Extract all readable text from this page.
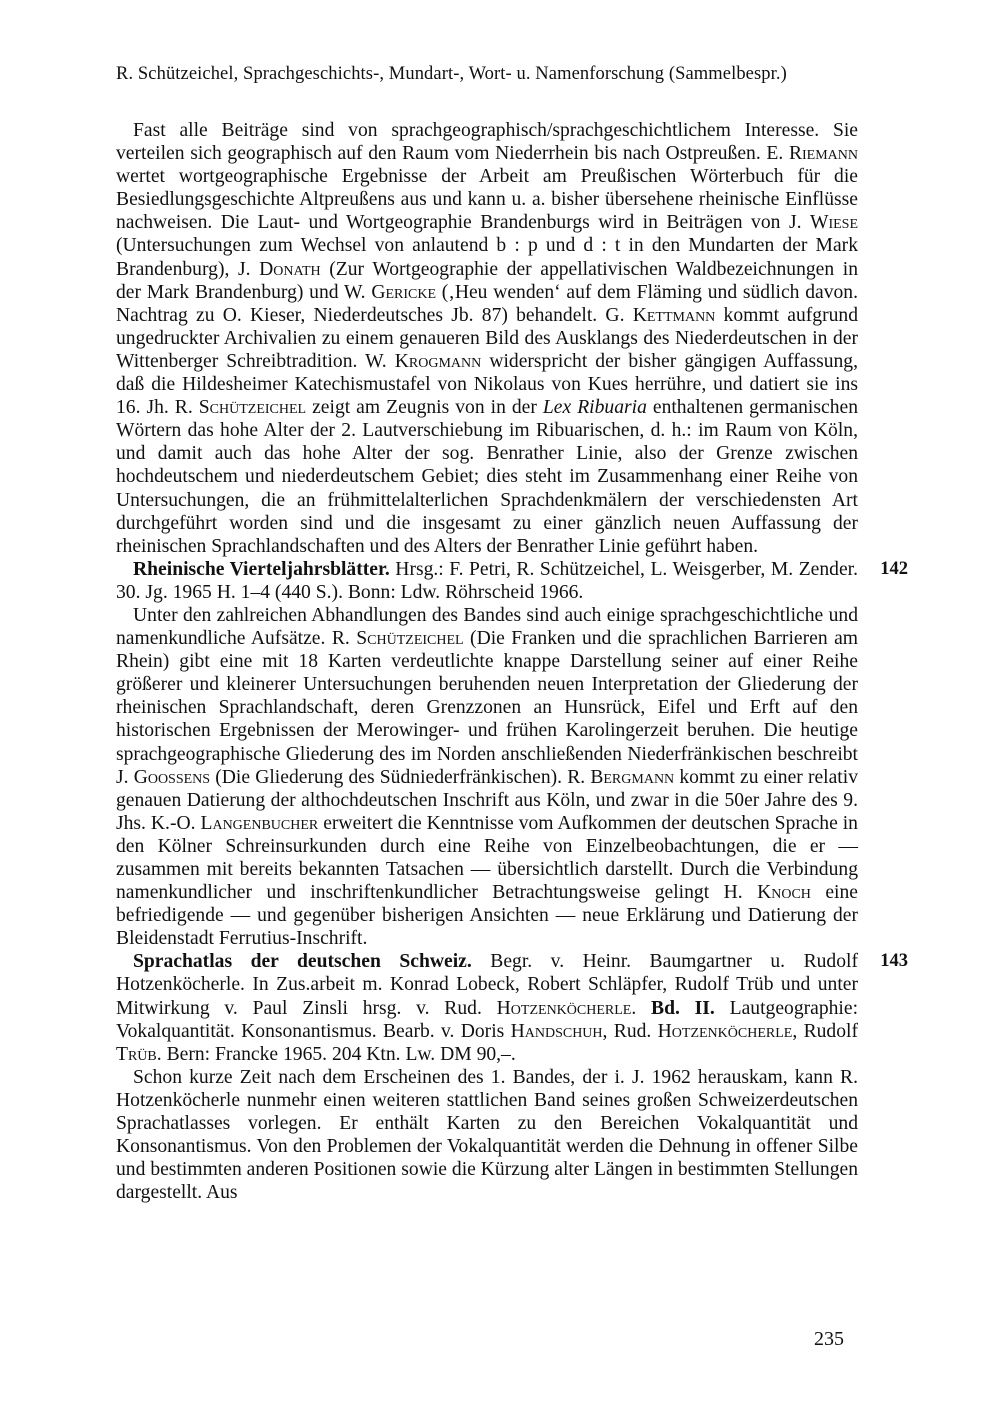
R. Schützeichel, Sprachgeschichts-, Mundart-, Wort- u. Namenforschung (Sammelbespr.)

Fast alle Beiträge sind von sprachgeographisch/sprachgeschichtlichem Interesse. Sie verteilen sich geographisch auf den Raum vom Niederrhein bis nach Ostpreußen. E. Riemann wertet wortgeographische Ergebnisse der Arbeit am Preußischen Wörterbuch für die Besiedlungsgeschichte Altpreußens aus und kann u. a. bisher übersehene rheinische Einflüsse nachweisen. Die Laut- und Wortgeographie Brandenburgs wird in Beiträgen von J. Wiese (Untersuchungen zum Wechsel von anlautend b : p und d : t in den Mundarten der Mark Brandenburg), J. Donath (Zur Wortgeographie der appellativischen Waldbezeichnungen in der Mark Brandenburg) und W. Gericke (‚Heu wenden‘ auf dem Fläming und südlich davon. Nachtrag zu O. Kieser, Niederdeutsches Jb. 87) behandelt. G. Kettmann kommt aufgrund ungedruckter Archivalien zu einem genaueren Bild des Ausklangs des Niederdeutschen in der Wittenberger Schreibtradition. W. Krogmann widerspricht der bisher gängigen Auffassung, daß die Hildesheimer Katechismustafel von Nikolaus von Kues herrühre, und datiert sie ins 16. Jh. R. Schützeichel zeigt am Zeugnis von in der Lex Ribuaria enthaltenen germanischen Wörtern das hohe Alter der 2. Lautverschiebung im Ribuarischen, d. h.: im Raum von Köln, und damit auch das hohe Alter der sog. Benrather Linie, also der Grenze zwischen hochdeutschem und niederdeutschem Gebiet; dies steht im Zusammenhang einer Reihe von Untersuchungen, die an frühmittelalterlichen Sprachdenkmälern der verschiedensten Art durchgeführt worden sind und die insgesamt zu einer gänzlich neuen Auffassung der rheinischen Sprachlandschaften und des Alters der Benrather Linie geführt haben.

Rheinische Vierteljahrsblätter. Hrsg.: F. Petri, R. Schützeichel, L. Weisgerber, M. Zender. 30. Jg. 1965 H. 1–4 (440 S.). Bonn: Ldw. Röhrscheid 1966.
142

Unter den zahlreichen Abhandlungen des Bandes sind auch einige sprachgeschichtliche und namenkundliche Aufsätze. R. Schützeichel (Die Franken und die sprachlichen Barrieren am Rhein) gibt eine mit 18 Karten verdeutlichte knappe Darstellung seiner auf einer Reihe größerer und kleinerer Untersuchungen beruhenden neuen Interpretation der Gliederung der rheinischen Sprachlandschaft, deren Grenzzonen an Hunsrück, Eifel und Erft auf den historischen Ergebnissen der Merowinger- und frühen Karolingerzeit beruhen. Die heutige sprachgeographische Gliederung des im Norden anschließenden Niederfränkischen beschreibt J. Goossens (Die Gliederung des Südniederfränkischen). R. Bergmann kommt zu einer relativ genauen Datierung der althochdeutschen Inschrift aus Köln, und zwar in die 50er Jahre des 9. Jhs. K.-O. Langenbucher erweitert die Kenntnisse vom Aufkommen der deutschen Sprache in den Kölner Schreinsurkunden durch eine Reihe von Einzelbeobachtungen, die er — zusammen mit bereits bekannten Tatsachen — übersichtlich darstellt. Durch die Verbindung namenkundlicher und inschriftenkundlicher Betrachtungsweise gelingt H. Knoch eine befriedigende — und gegenüber bisherigen Ansichten — neue Erklärung und Datierung der Bleidenstadt Ferrutius-Inschrift.

Sprachatlas der deutschen Schweiz. Begr. v. Heinr. Baumgartner u. Rudolf Hotzenköcherle. In Zus.arbeit m. Konrad Lobeck, Robert Schläpfer, Rudolf Trüb und unter Mitwirkung v. Paul Zinsli hrsg. v. Rud. Hotzenköcherle. Bd. II. Lautgeographie: Vokalquantität. Konsonantismus. Bearb. v. Doris Handschuh, Rud. Hotzenköcherle, Rudolf Trüb. Bern: Francke 1965. 204 Ktn. Lw. DM 90,–.
143

Schon kurze Zeit nach dem Erscheinen des 1. Bandes, der i. J. 1962 herauskam, kann R. Hotzenköcherle nunmehr einen weiteren stattlichen Band seines großen Schweizerdeutschen Sprachatlasses vorlegen. Er enthält Karten zu den Bereichen Vokalquantität und Konsonantismus. Von den Problemen der Vokalquantität werden die Dehnung in offener Silbe und bestimmten anderen Positionen sowie die Kürzung alter Längen in bestimmten Stellungen dargestellt. Aus

235
